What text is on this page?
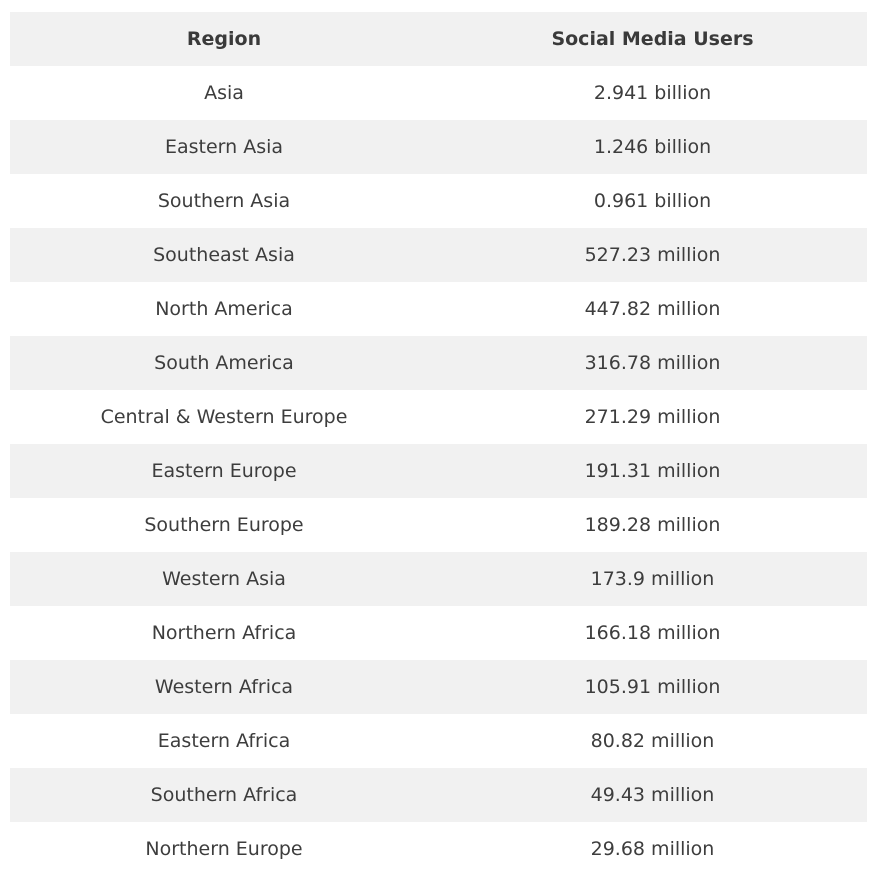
Region	Social Media Users
Asia	2.941 billion
Eastern Asia	1.246 billion
Southern Asia	0.961 billion
Southeast Asia	527.23 million
North America	447.82 million
South America	316.78 million
Central & Western Europe	271.29 million
Eastern Europe	191.31 million
Southern Europe	189.28 million
Western Asia	173.9 million
Northern Africa	166.18 million
Western Africa	105.91 million
Eastern Africa	80.82 million
Southern Africa	49.43 million
Northern Europe	29.68 million
